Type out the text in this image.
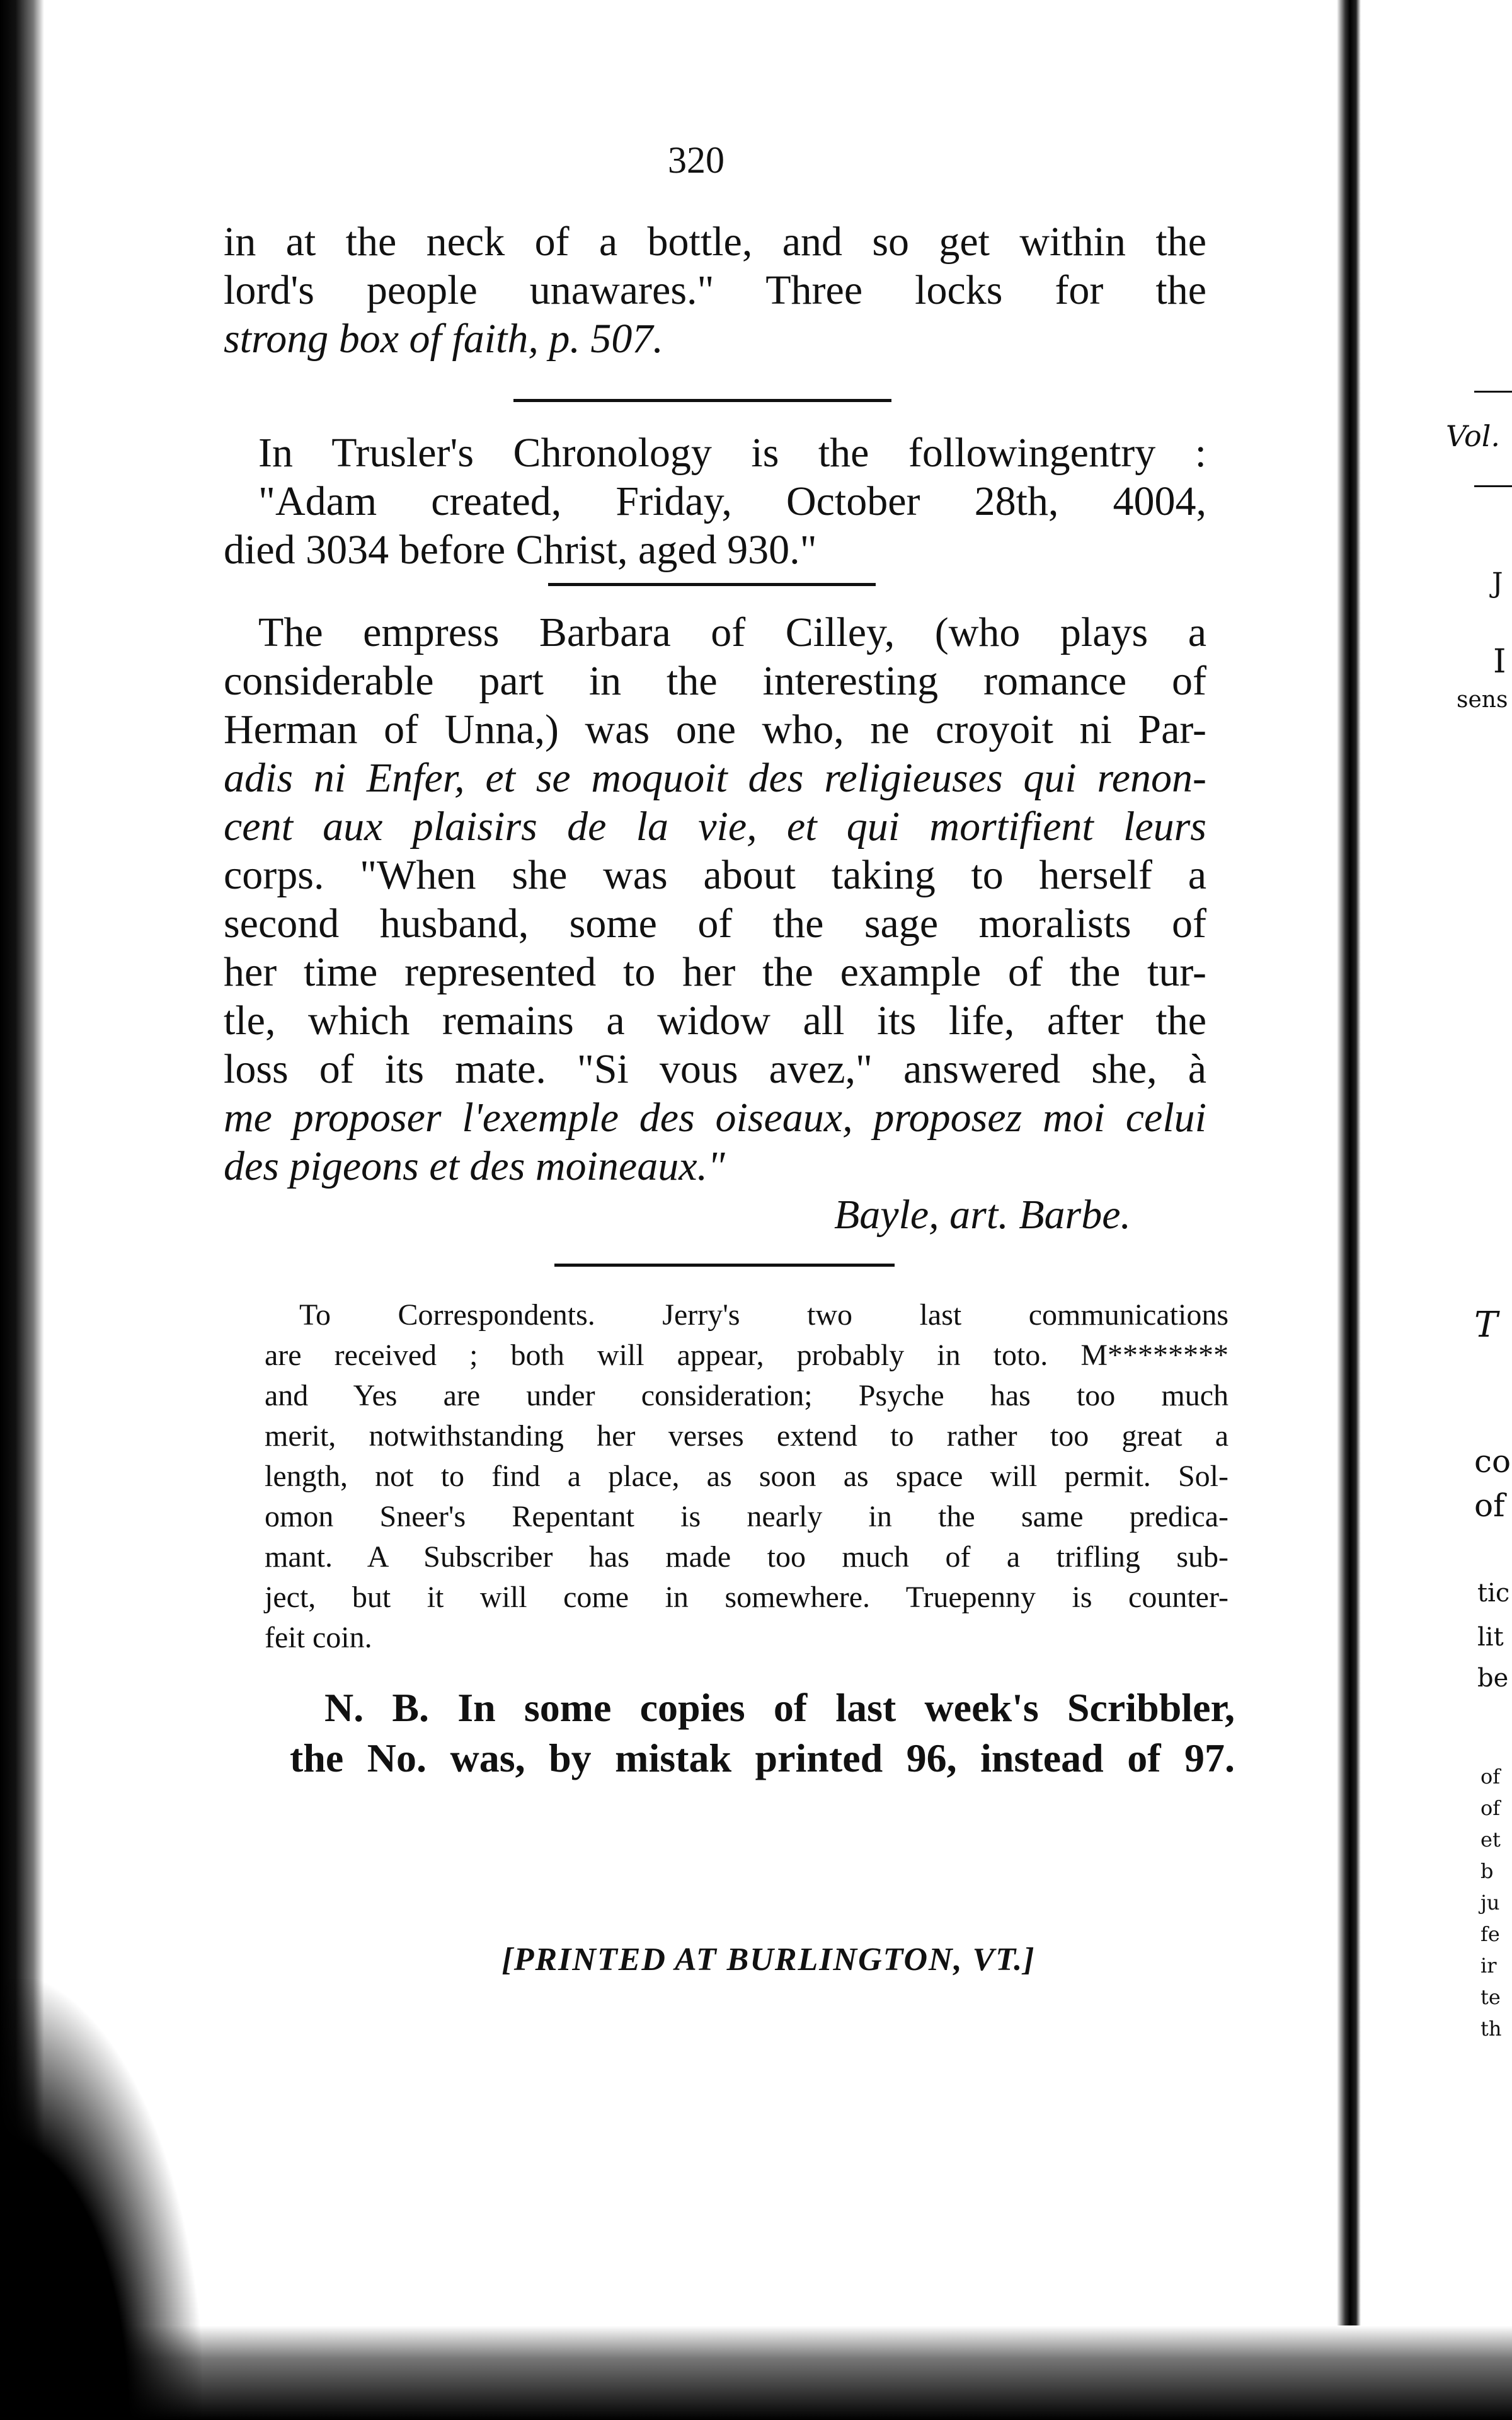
Vol.
J
I
sens
T
co
of
tic
lit
be
of
of
et
b
ju
fe
ir
te
th
320
in at the neck of a bottle, and so get within the
lord's people unawares." Three locks for the
strong box of faith, p. 507.
In Trusler's Chronology is the followingentry :
"Adam created, Friday, October 28th, 4004,
died 3034 before Christ, aged 930."
The empress Barbara of Cilley, (who plays a
considerable part in the interesting romance of
Herman of Unna,) was one who, ne croyoit ni Par-
adis ni Enfer, et se moquoit des religieuses qui renon-
cent aux plaisirs de la vie, et qui mortifient leurs
corps. "When she was about taking to herself a
second husband, some of the sage moralists of
her time represented to her the example of the tur-
tle, which remains a widow all its life, after the
loss of its mate. "Si vous avez," answered she, à
me proposer l'exemple des oiseaux, proposez moi celui
des pigeons et des moineaux."
Bayle, art. Barbe.
To Correspondents. Jerry's two last communications
are received ; both will appear, probably in toto. M********
and Yes are under consideration; Psyche has too much
merit, notwithstanding her verses extend to rather too great a
length, not to find a place, as soon as space will permit. Sol-
omon Sneer's Repentant is nearly in the same predica-
mant. A Subscriber has made too much of a trifling sub-
ject, but it will come in somewhere. Truepenny is counter-
feit coin.
N. B. In some copies of last week's Scribbler,
the No. was, by mistak printed 96, instead of 97.
[PRINTED AT BURLINGTON, VT.]
